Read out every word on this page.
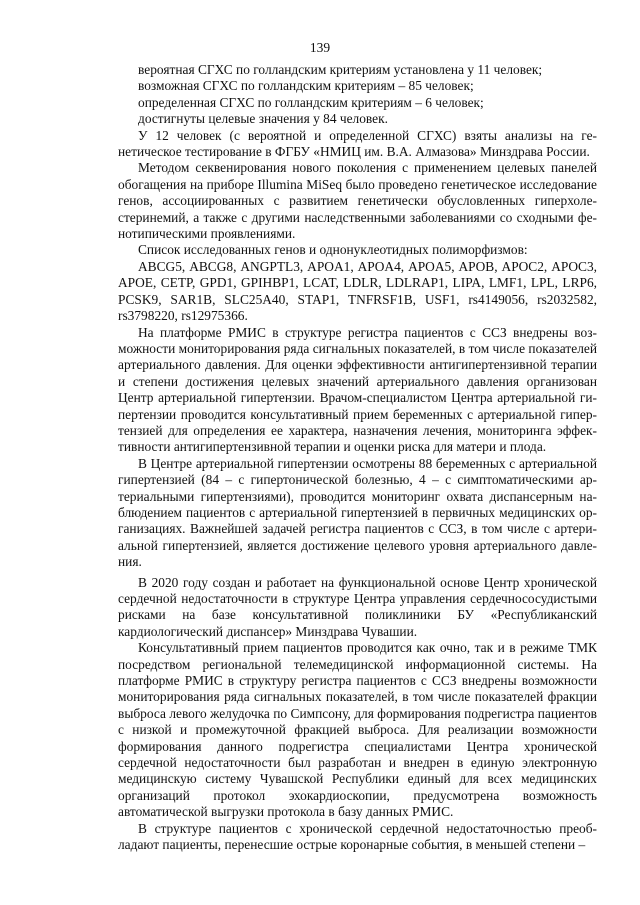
139

вероятная СГХС по голландским критериям установлена у 11 человек;

возможная СГХС по голландским критериям – 85 человек;

определенная СГХС по голландским критериям – 6 человек;

достигнуты целевые значения у 84 человек.

У 12 человек (с вероятной и определенной СГХС) взяты анализы на генетическое тестирование в ФГБУ «НМИЦ им. В.А. Алмазова» Минздрава России.

Методом секвенирования нового поколения с применением целевых панелей обогащения на приборе Illumina MiSeq было проведено генетическое исследование генов, ассоциированных с развитием генетически обусловленных гиперхолестеринемий, а также с другими наследственными заболеваниями со сходными фенотипическими проявлениями.

Список исследованных генов и однонуклеотидных полиморфизмов:

ABCG5, ABCG8, ANGPTL3, APOA1, APOA4, APOA5, APOB, APOC2, APOC3, APOE, CETP, GPD1, GPIHBP1, LCAT, LDLR, LDLRAP1, LIPA, LMF1, LPL, LRP6, PCSK9, SAR1B, SLC25A40, STAP1, TNFRSF1B, USF1, rs4149056, rs2032582, rs3798220, rs12975366.

На платформе РМИС в структуре регистра пациентов с ССЗ внедрены возможности мониторирования ряда сигнальных показателей, в том числе показателей артериального давления. Для оценки эффективности антигипертензивной терапии и степени достижения целевых значений артериального давления организован Центр артериальной гипертензии. Врачом-специалистом Центра артериальной гипертензии проводится консультативный прием беременных с артериальной гипертензией для определения ее характера, назначения лечения, мониторинга эффективности антигипертензивной терапии и оценки риска для матери и плода.

В Центре артериальной гипертензии осмотрены 88 беременных с артериальной гипертензией (84 – с гипертонической болезнью, 4 – с симптоматическими артериальными гипертензиями), проводится мониторинг охвата диспансерным наблюдением пациентов с артериальной гипертензией в первичных медицинских организациях. Важнейшей задачей регистра пациентов с ССЗ, в том числе с артериальной гипертензией, является достижение целевого уровня артериального давления.

В 2020 году создан и работает на функциональной основе Центр хронической сердечной недостаточности в структуре Центра управления сердечнососудистыми рисками на базе консультативной поликлиники БУ «Республиканский кардиологический диспансер» Минздрава Чувашии.

Консультативный прием пациентов проводится как очно, так и в режиме ТМК посредством региональной телемедицинской информационной системы. На платформе РМИС в структуру регистра пациентов с ССЗ внедрены возможности мониторирования ряда сигнальных показателей, в том числе показателей фракции выброса левого желудочка по Симпсону, для формирования подрегистра пациентов с низкой и промежуточной фракцией выброса. Для реализации возможности формирования данного подрегистра специалистами Центра хронической сердечной недостаточности был разработан и внедрен в единую электронную медицинскую систему Чувашской Республики единый для всех медицинских организаций протокол эхокардиоскопии, предусмотрена возможность автоматической выгрузки протокола в базу данных РМИС.

В структуре пациентов с хронической сердечной недостаточностью преобладают пациенты, перенесшие острые коронарные события, в меньшей степени –
